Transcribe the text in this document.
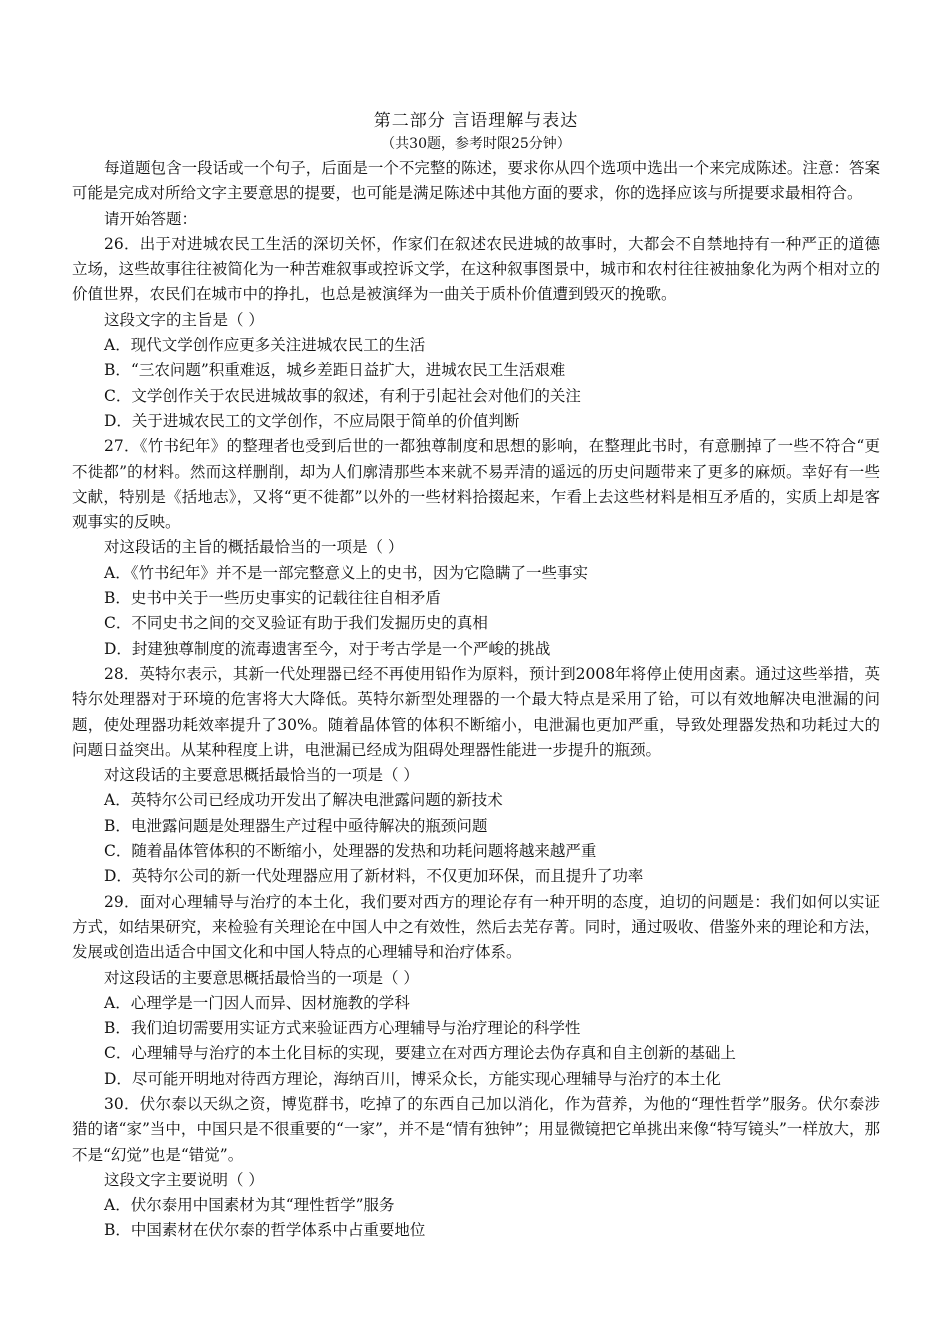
第二部分 言语理解与表达
（共30题，参考时限25分钟）

每道题包含一段话或一个句子，后面是一个不完整的陈述，要求你从四个选项中选出一个来完成陈述。注意：答案可能是完成对所给文字主要意思的提要，也可能是满足陈述中其他方面的要求，你的选择应该与所提要求最相符合。

请开始答题：

26．出于对进城农民工生活的深切关怀，作家们在叙述农民进城的故事时，大都会不自禁地持有一种严正的道德立场，这些故事往往被简化为一种苦难叙事或控诉文学，在这种叙事图景中，城市和农村往往被抽象化为两个相对立的价值世界，农民们在城市中的挣扎，也总是被演绎为一曲关于质朴价值遭到毁灭的挽歌。

这段文字的主旨是（ ）
A．现代文学创作应更多关注进城农民工的生活
B．“三农问题”积重难返，城乡差距日益扩大，进城农民工生活艰难
C．文学创作关于农民进城故事的叙述，有利于引起社会对他们的关注
D．关于进城农民工的文学创作，不应局限于简单的价值判断

27．《竹书纪年》的整理者也受到后世的一都独尊制度和思想的影响，在整理此书时，有意删掉了一些不符合“更不徙都”的材料。然而这样删削，却为人们廓清那些本来就不易弄清的遥远的历史问题带来了更多的麻烦。幸好有一些文献，特别是《括地志》，又将“更不徙都”以外的一些材料拾掇起来，乍看上去这些材料是相互矛盾的，实质上却是客观事实的反映。

对这段话的主旨的概括最恰当的一项是（ ）
A．《竹书纪年》并不是一部完整意义上的史书，因为它隐瞒了一些事实
B．史书中关于一些历史事实的记载往往自相矛盾
C．不同史书之间的交叉验证有助于我们发掘历史的真相
D．封建独尊制度的流毒遗害至今，对于考古学是一个严峻的挑战

28．英特尔表示，其新一代处理器已经不再使用铅作为原料，预计到2008年将停止使用卤素。通过这些举措，英特尔处理器对于环境的危害将大大降低。英特尔新型处理器的一个最大特点是采用了铪，可以有效地解决电泄漏的问题，使处理器功耗效率提升了30%。随着晶体管的体积不断缩小，电泄漏也更加严重，导致处理器发热和功耗过大的问题日益突出。从某种程度上讲，电泄漏已经成为阻碍处理器性能进一步提升的瓶颈。

对这段话的主要意思概括最恰当的一项是（ ）
A．英特尔公司已经成功开发出了解决电泄露问题的新技术
B．电泄露问题是处理器生产过程中亟待解决的瓶颈问题
C．随着晶体管体积的不断缩小，处理器的发热和功耗问题将越来越严重
D．英特尔公司的新一代处理器应用了新材料，不仅更加环保，而且提升了功率

29．面对心理辅导与治疗的本土化，我们要对西方的理论存有一种开明的态度，迫切的问题是：我们如何以实证方式，如结果研究，来检验有关理论在中国人中之有效性，然后去芜存菁。同时，通过吸收、借鉴外来的理论和方法，发展或创造出适合中国文化和中国人特点的心理辅导和治疗体系。

对这段话的主要意思概括最恰当的一项是（ ）
A．心理学是一门因人而异、因材施教的学科
B．我们迫切需要用实证方式来验证西方心理辅导与治疗理论的科学性
C．心理辅导与治疗的本土化目标的实现，要建立在对西方理论去伪存真和自主创新的基础上
D．尽可能开明地对待西方理论，海纳百川，博采众长，方能实现心理辅导与治疗的本土化

30．伏尔泰以天纵之资，博览群书，吃掉了的东西自己加以消化，作为营养，为他的“理性哲学”服务。伏尔泰涉猎的诸“家”当中，中国只是不很重要的“一家”，并不是“情有独钟”；用显微镜把它单挑出来像“特写镜头”一样放大，那不是“幻觉”也是“错觉”。

这段文字主要说明（ ）
A．伏尔泰用中国素材为其“理性哲学”服务
B．中国素材在伏尔泰的哲学体系中占重要地位
